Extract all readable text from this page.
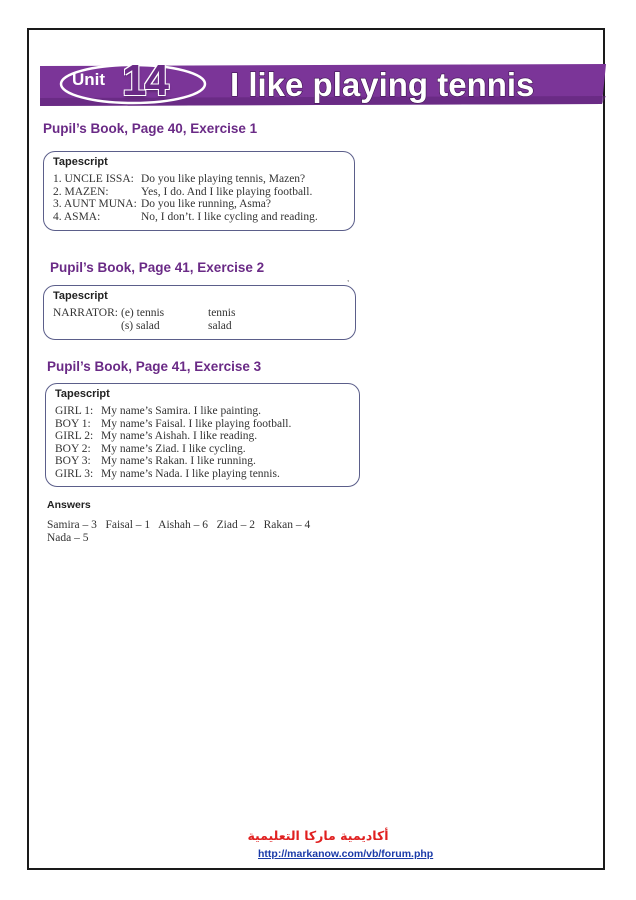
Unit 14 I like playing tennis
Pupil’s Book, Page 40, Exercise 1
Tapescript
1. UNCLE ISSA: Do you like playing tennis, Mazen?
2. MAZEN:	Yes, I do. And I like playing football.
3. AUNT MUNA: Do you like running, Asma?
4. ASMA:	No, I don’t. I like cycling and reading.
Pupil’s Book, Page 41, Exercise 2
,
Tapescript
NARRATOR: (e) tennis	tennis
(s) salad	salad
Pupil’s Book, Page 41, Exercise 3
Tapescript
GIRL 1: My name’s Samira. I like painting.
BOY 1: My name’s Faisal. I like playing football.
GIRL 2: My name’s Aishah. I like reading.
BOY 2: My name’s Ziad. I like cycling.
BOY 3: My name’s Rakan. I like running.
GIRL 3: My name’s Nada. I like playing tennis.
Answers
Samira – 3   Faisal – 1   Aishah – 6   Ziad – 2   Rakan – 4
Nada – 5
أكاديمية ماركا التعليمية
http://markanow.com/vb/forum.php
